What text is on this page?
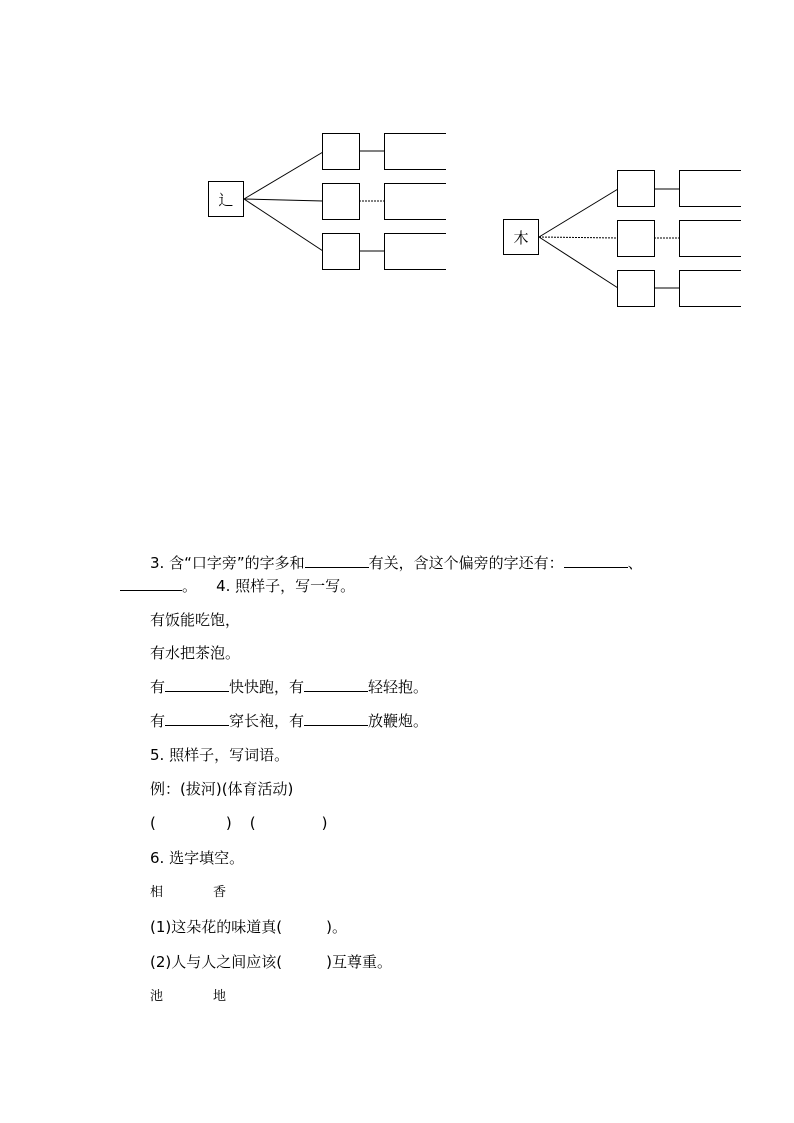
辶
木
3. 含“口字旁”的字多和	有关，含这个偏旁的字还有：	、
。 4. 照样子，写一写。
有饭能吃饱，
有水把茶泡。
有	快快跑，有	轻轻抱。
有	穿长袍，有	放鞭炮。
5. 照样子，写词语。
例：(拔河)(体育活动)
(	) (	)
6. 选字填空。
相	香
(1)这朵花的味道真(	)。
(2)人与人之间应该(	)互尊重。
池	地
